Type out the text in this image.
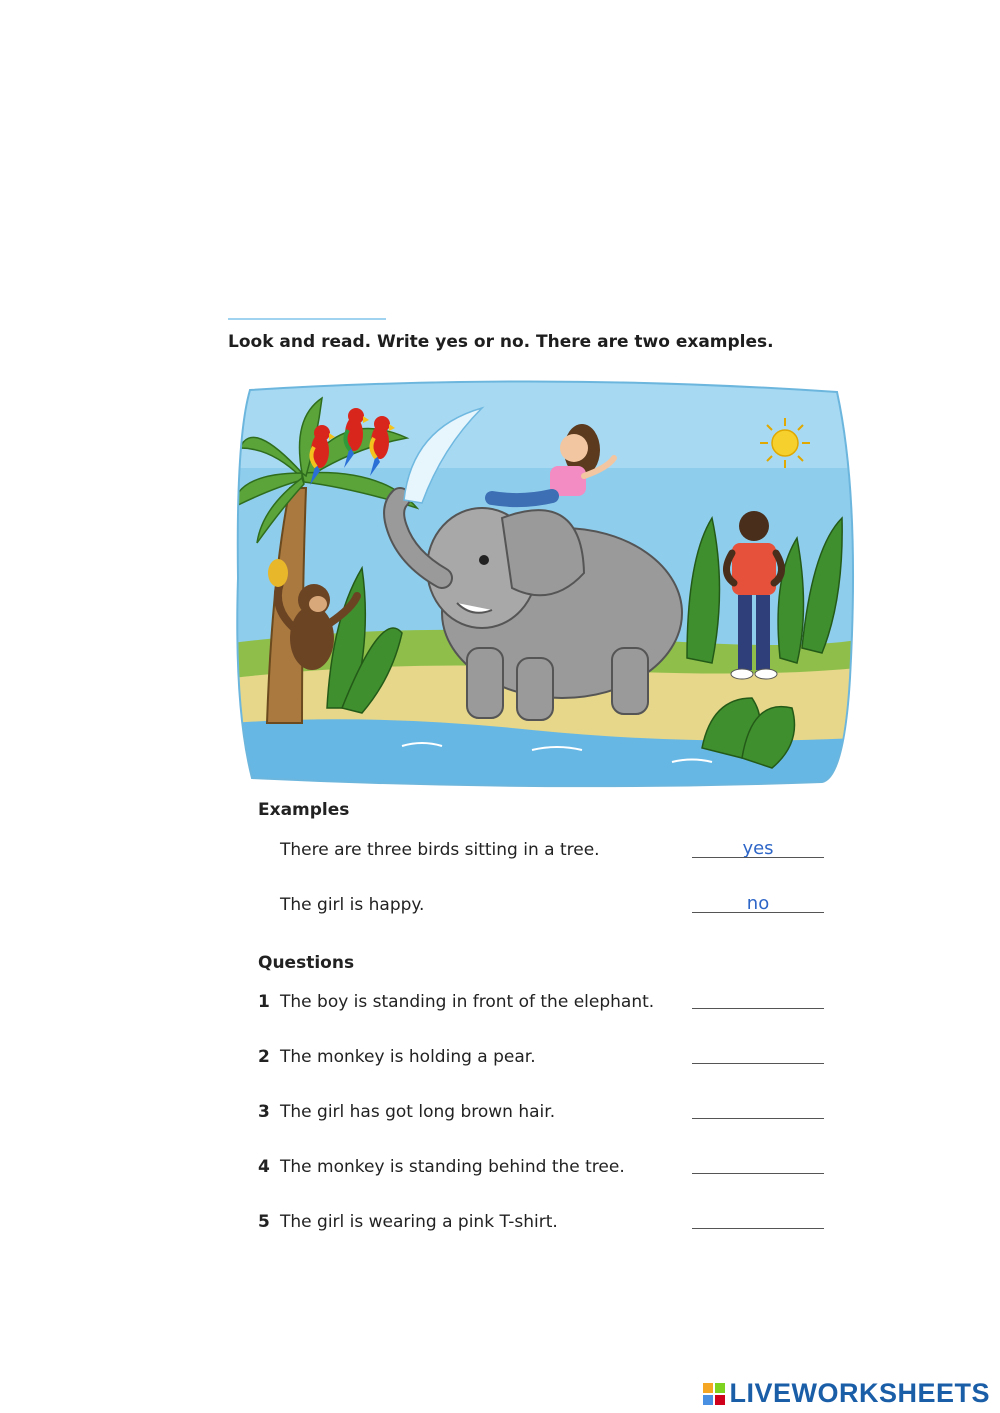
Look and read. Write yes or no. There are two examples.
Examples
There are three birds sitting in a tree.	yes
The girl is happy.	no
Questions
1 The boy is standing in front of the elephant.
2 The monkey is holding a pear.
3 The girl has got long brown hair.
4 The monkey is standing behind the tree.
5 The girl is wearing a pink T-shirt.
LIVEWORKSHEETS
